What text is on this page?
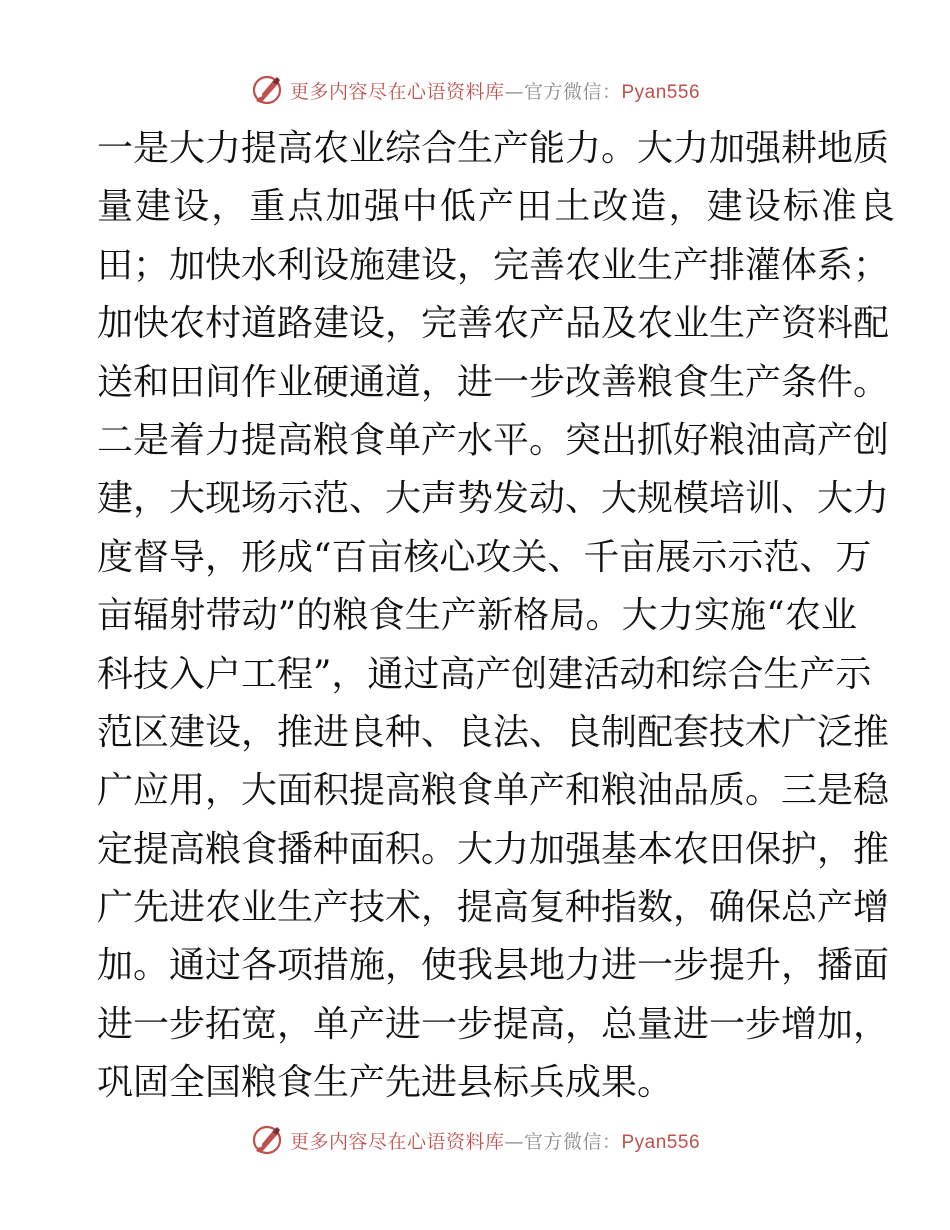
更多内容尽在心语资料库—官方微信：Pyan556
一是大力提高农业综合生产能力。大力加强耕地质
量建设，重点加强中低产田土改造，建设标准良
田；加快水利设施建设，完善农业生产排灌体系；
加快农村道路建设，完善农产品及农业生产资料配
送和田间作业硬通道，进一步改善粮食生产条件。
二是着力提高粮食单产水平。突出抓好粮油高产创
建，大现场示范、大声势发动、大规模培训、大力
度督导，形成“百亩核心攻关、千亩展示示范、万
亩辐射带动”的粮食生产新格局。大力实施“农业
科技入户工程”，通过高产创建活动和综合生产示
范区建设，推进良种、良法、良制配套技术广泛推
广应用，大面积提高粮食单产和粮油品质。三是稳
定提高粮食播种面积。大力加强基本农田保护，推
广先进农业生产技术，提高复种指数，确保总产增
加。通过各项措施，使我县地力进一步提升，播面
进一步拓宽，单产进一步提高，总量进一步增加，
巩固全国粮食生产先进县标兵成果。
更多内容尽在心语资料库—官方微信：Pyan556
